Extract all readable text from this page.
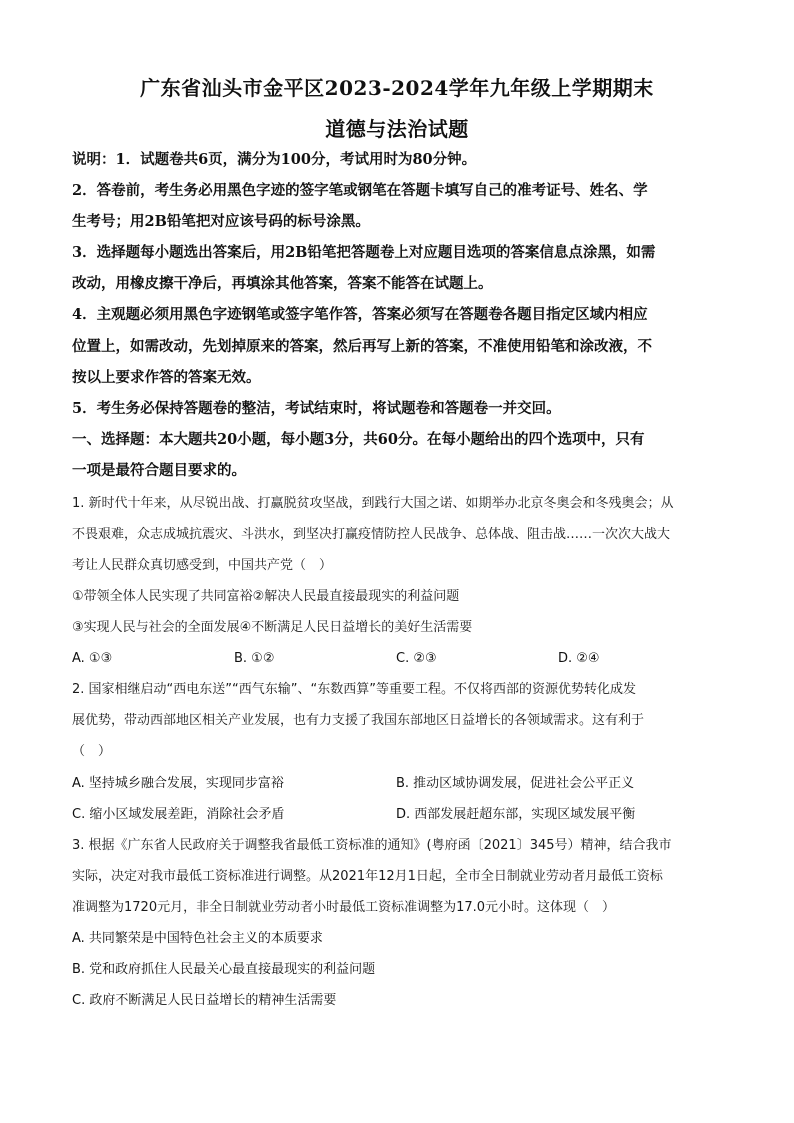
广东省汕头市金平区2023-2024学年九年级上学期期末
道德与法治试题
说明：1．试题卷共6页，满分为100分，考试用时为80分钟。
2．答卷前，考生务必用黑色字迹的签字笔或钢笔在答题卡填写自己的准考证号、姓名、学
生考号；用2B铅笔把对应该号码的标号涂黑。
3．选择题每小题选出答案后，用2B铅笔把答题卷上对应题目选项的答案信息点涂黑，如需
改动，用橡皮擦干净后，再填涂其他答案，答案不能答在试题上。
4．主观题必须用黑色字迹钢笔或签字笔作答，答案必须写在答题卷各题目指定区域内相应
位置上，如需改动，先划掉原来的答案，然后再写上新的答案，不准使用铅笔和涂改液，不
按以上要求作答的答案无效。
5．考生务必保持答题卷的整洁，考试结束时，将试题卷和答题卷一并交回。
一、选择题：本大题共20小题，每小题3分，共60分。在每小题给出的四个选项中，只有
一项是最符合题目要求的。
1. 新时代十年来，从尽锐出战、打赢脱贫攻坚战，到践行大国之诺、如期举办北京冬奥会和冬残奥会；从
不畏艰难，众志成城抗震灾、斗洪水，到坚决打赢疫情防控人民战争、总体战、阻击战……一次次大战大
考让人民群众真切感受到，中国共产党（　）
①带领全体人民实现了共同富裕②解决人民最直接最现实的利益问题
③实现人民与社会的全面发展④不断满足人民日益增长的美好生活需要
A. ①③	B. ①②	C. ②③	D. ②④
2. 国家相继启动“西电东送”“西气东输”、“东数西算”等重要工程。不仅将西部的资源优势转化成发
展优势，带动西部地区相关产业发展，也有力支援了我国东部地区日益增长的各领域需求。这有利于
（　）
A. 坚持城乡融合发展，实现同步富裕	B. 推动区域协调发展，促进社会公平正义
C. 缩小区域发展差距，消除社会矛盾	D. 西部发展赶超东部，实现区域发展平衡
3. 根据《广东省人民政府关于调整我省最低工资标准的通知》(粤府函〔2021〕345号）精神，结合我市
实际，决定对我市最低工资标准进行调整。从2021年12月1日起，全市全日制就业劳动者月最低工资标
准调整为1720元月，非全日制就业劳动者小时最低工资标准调整为17.0元小时。这体现（　）
A. 共同繁荣是中国特色社会主义的本质要求
B. 党和政府抓住人民最关心最直接最现实的利益问题
C. 政府不断满足人民日益增长的精神生活需要
